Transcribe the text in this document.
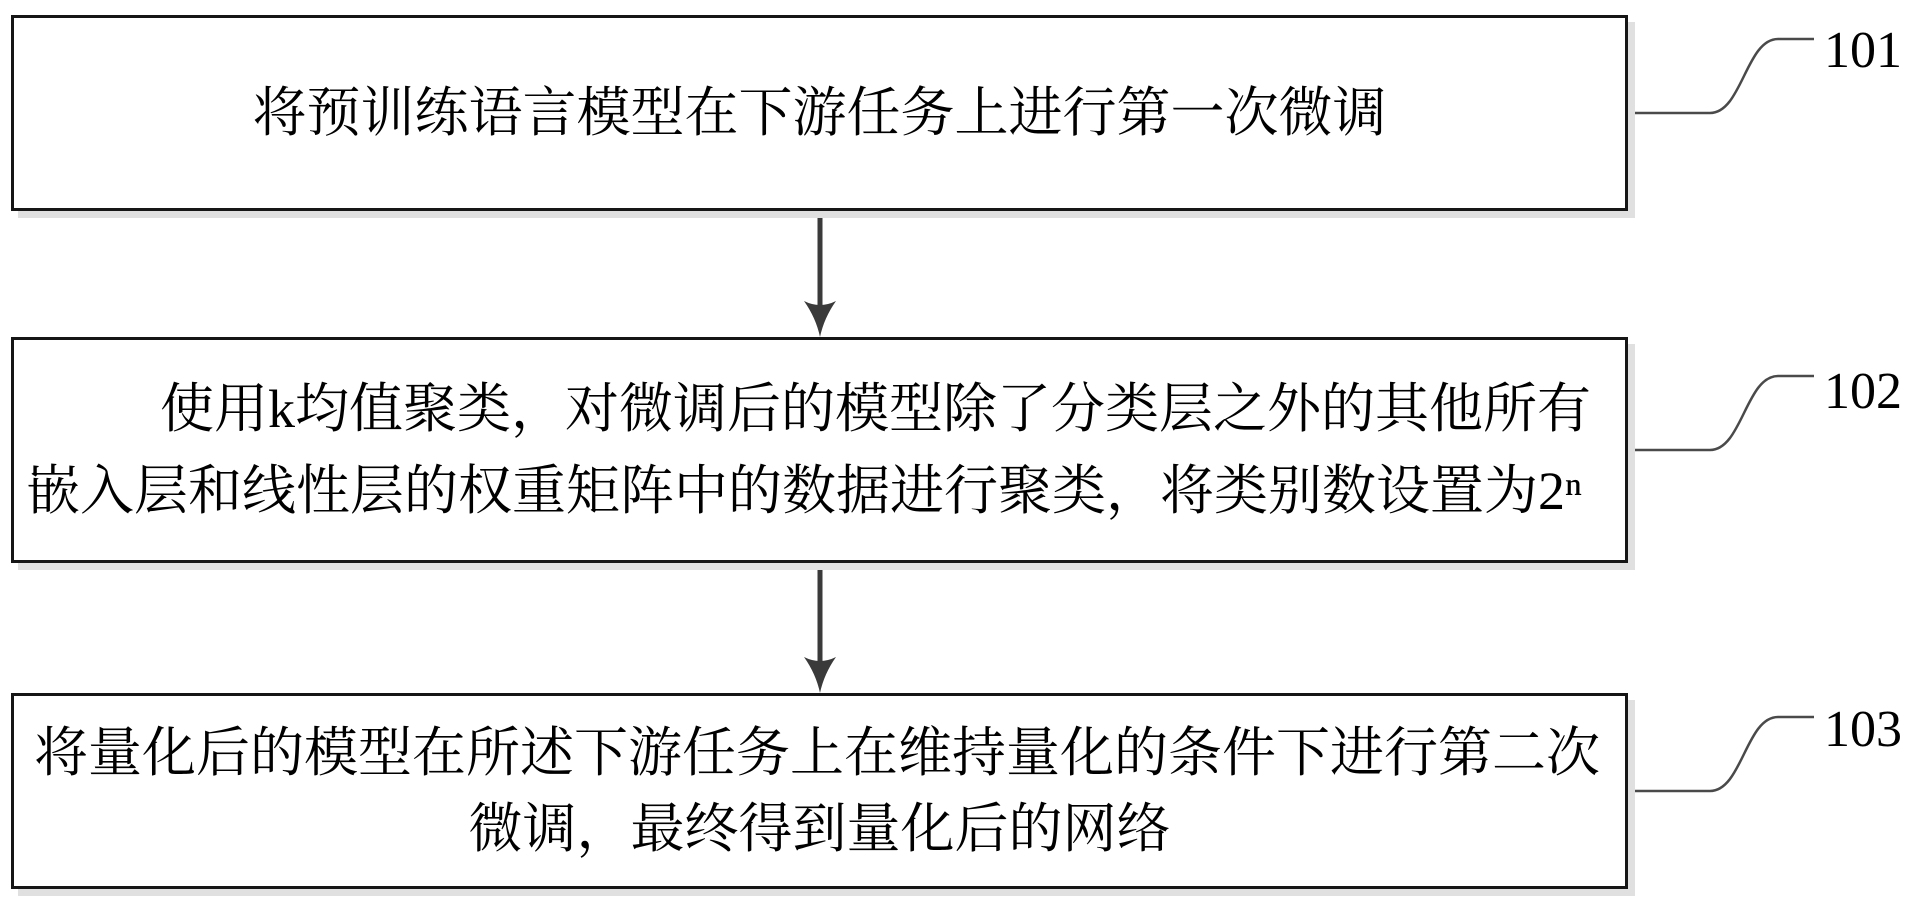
将预训练语言模型在下游任务上进行第一次微调
使用k均值聚类，对微调后的模型除了分类层之外的其他所有
嵌入层和线性层的权重矩阵中的数据进行聚类，将类别数设置为2ⁿ
将量化后的模型在所述下游任务上在维持量化的条件下进行第二次
微调，最终得到量化后的网络
101
102
103
